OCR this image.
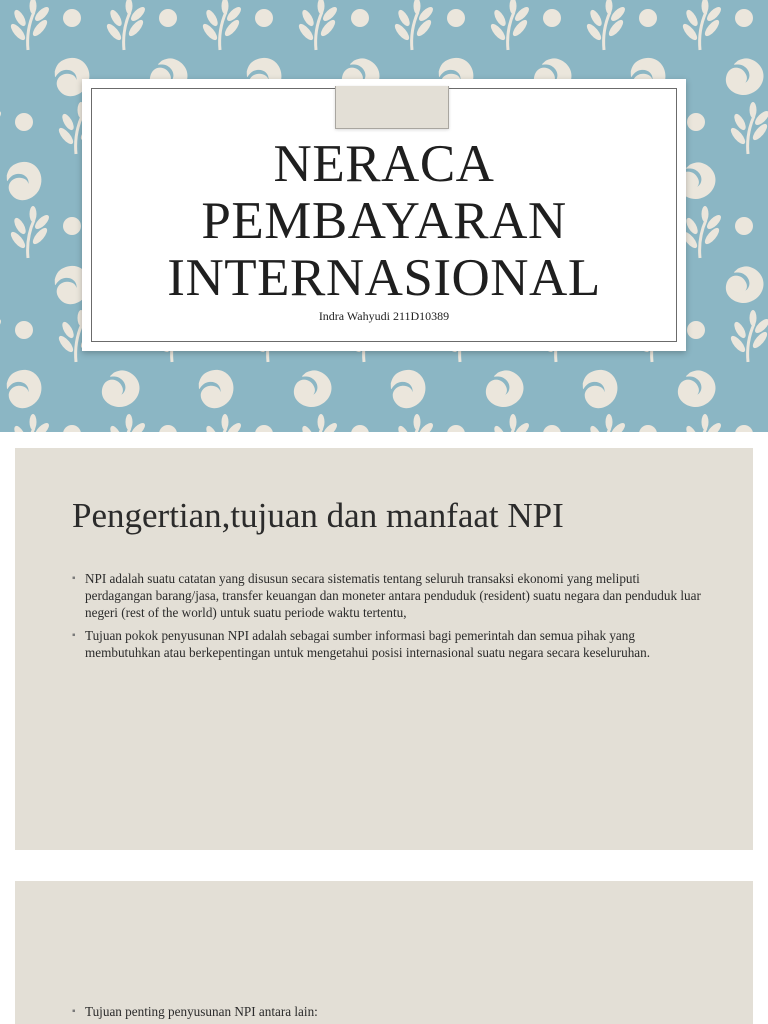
NERACA
PEMBAYARAN
INTERNASIONAL
Indra Wahyudi 211D10389
Pengertian,tujuan dan manfaat NPI
▪ NPI adalah suatu catatan yang disusun secara sistematis tentang seluruh transaksi ekonomi yang meliputi perdagangan barang/jasa, transfer keuangan dan moneter antara penduduk (resident) suatu negara dan penduduk luar negeri (rest of the world) untuk suatu periode waktu tertentu,
▪ Tujuan pokok penyusunan NPI adalah sebagai sumber informasi bagi pemerintah dan semua pihak yang membutuhkan atau berkepentingan untuk mengetahui posisi internasional suatu negara secara keseluruhan.
▪ Tujuan penting penyusunan NPI antara lain:
